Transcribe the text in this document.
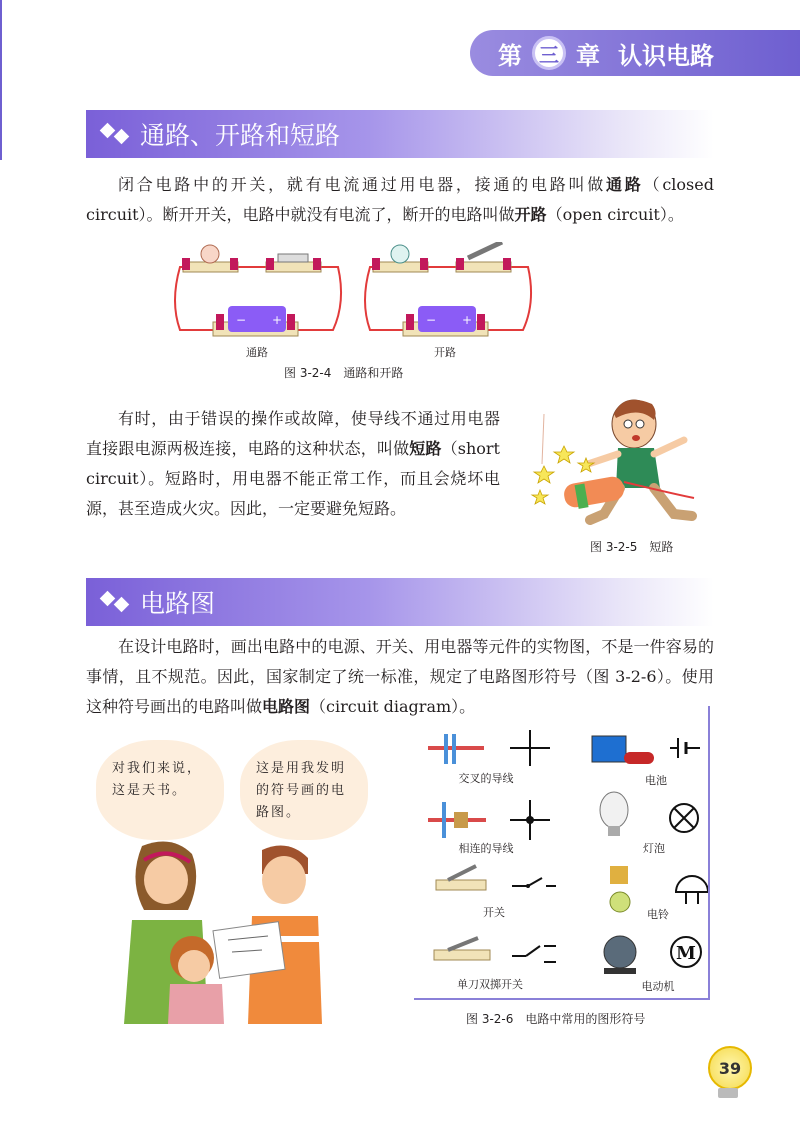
第 三 章 认识电路
通路、开路和短路

闭合电路中的开关，就有电流通过用电器，接通的电路叫做通路（closed circuit）。断开开关，电路中就没有电流了，断开的电路叫做开路（open circuit）。

− +	− +
通路	开路
图 3-2-4　通路和开路

有时，由于错误的操作或故障，使导线不通过用电器直接跟电源两极连接，电路的这种状态，叫做短路（short circuit）。短路时，用电器不能正常工作，而且会烧坏电源，甚至造成火灾。因此，一定要避免短路。

图 3-2-5　短路
电路图

在设计电路时，画出电路中的电源、开关、用电器等元件的实物图，不是一件容易的事情，且不规范。因此，国家制定了统一标准，规定了电路图形符号（图 3-2-6）。使用这种符号画出的电路叫做电路图（circuit diagram）。

对我们来说，这是天书。
这是用我发明的符号画的电路图。
M
交叉的导线	电池
相连的导线	灯泡
开关	电铃
单刀双掷开关	电动机
图 3-2-6　电路中常用的图形符号
39
